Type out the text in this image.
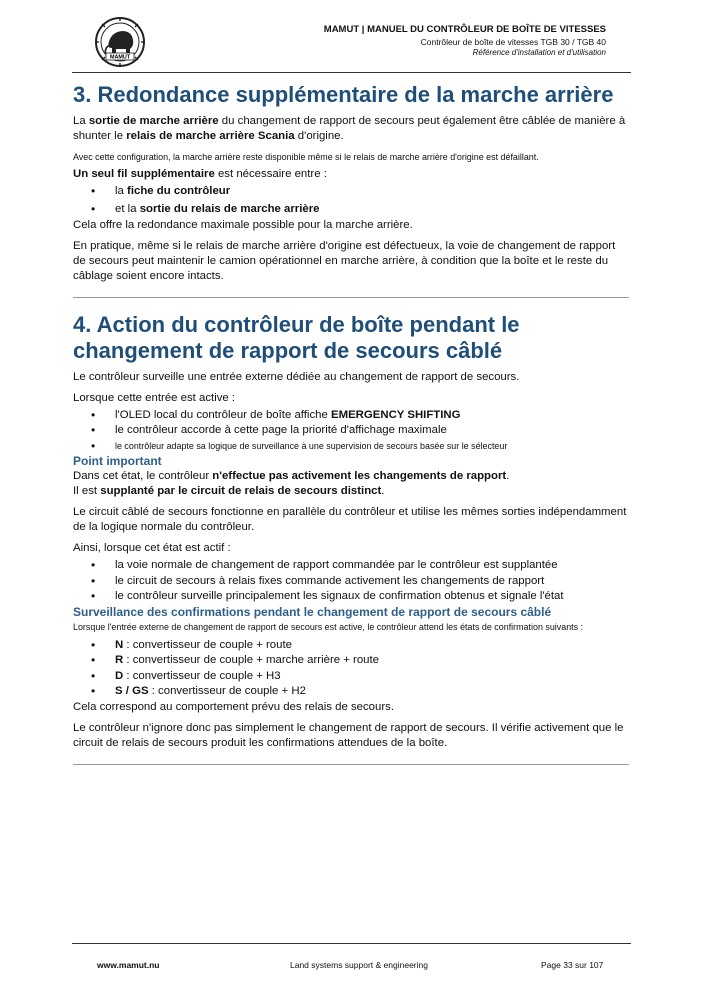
MAMUT
MAMUT | MANUEL DU CONTRÔLEUR DE BOÎTE DE VITESSES
Contrôleur de boîte de vitesses TGB 30 / TGB 40
Référence d'installation et d'utilisation
3. Redondance supplémentaire de la marche arrière

La sortie de marche arrière du changement de rapport de secours peut également être câblée de manière à shunter le relais de marche arrière Scania d'origine.

Avec cette configuration, la marche arrière reste disponible même si le relais de marche arrière d'origine est défaillant.

Un seul fil supplémentaire est nécessaire entre :

• la fiche du contrôleur
• et la sortie du relais de marche arrière

Cela offre la redondance maximale possible pour la marche arrière.

En pratique, même si le relais de marche arrière d'origine est défectueux, la voie de changement de rapport de secours peut maintenir le camion opérationnel en marche arrière, à condition que la boîte et le reste du câblage soient encore intacts.

4. Action du contrôleur de boîte pendant le changement de rapport de secours câblé

Le contrôleur surveille une entrée externe dédiée au changement de rapport de secours.

Lorsque cette entrée est active :

• l'OLED local du contrôleur de boîte affiche EMERGENCY SHIFTING
• le contrôleur accorde à cette page la priorité d'affichage maximale
• le contrôleur adapte sa logique de surveillance à une supervision de secours basée sur le sélecteur

Point important

Dans cet état, le contrôleur n'effectue pas activement les changements de rapport.

Il est supplanté par le circuit de relais de secours distinct.

Le circuit câblé de secours fonctionne en parallèle du contrôleur et utilise les mêmes sorties indépendamment de la logique normale du contrôleur.

Ainsi, lorsque cet état est actif :

• la voie normale de changement de rapport commandée par le contrôleur est supplantée
• le circuit de secours à relais fixes commande activement les changements de rapport
• le contrôleur surveille principalement les signaux de confirmation obtenus et signale l'état

Surveillance des confirmations pendant le changement de rapport de secours câblé

Lorsque l'entrée externe de changement de rapport de secours est active, le contrôleur attend les états de confirmation suivants :

• N : convertisseur de couple + route
• R : convertisseur de couple + marche arrière + route
• D : convertisseur de couple + H3
• S / GS : convertisseur de couple + H2

Cela correspond au comportement prévu des relais de secours.

Le contrôleur n'ignore donc pas simplement le changement de rapport de secours. Il vérifie activement que le circuit de relais de secours produit les confirmations attendues de la boîte.

www.mamut.nu	Land systems support & engineering	Page 33 sur 107
